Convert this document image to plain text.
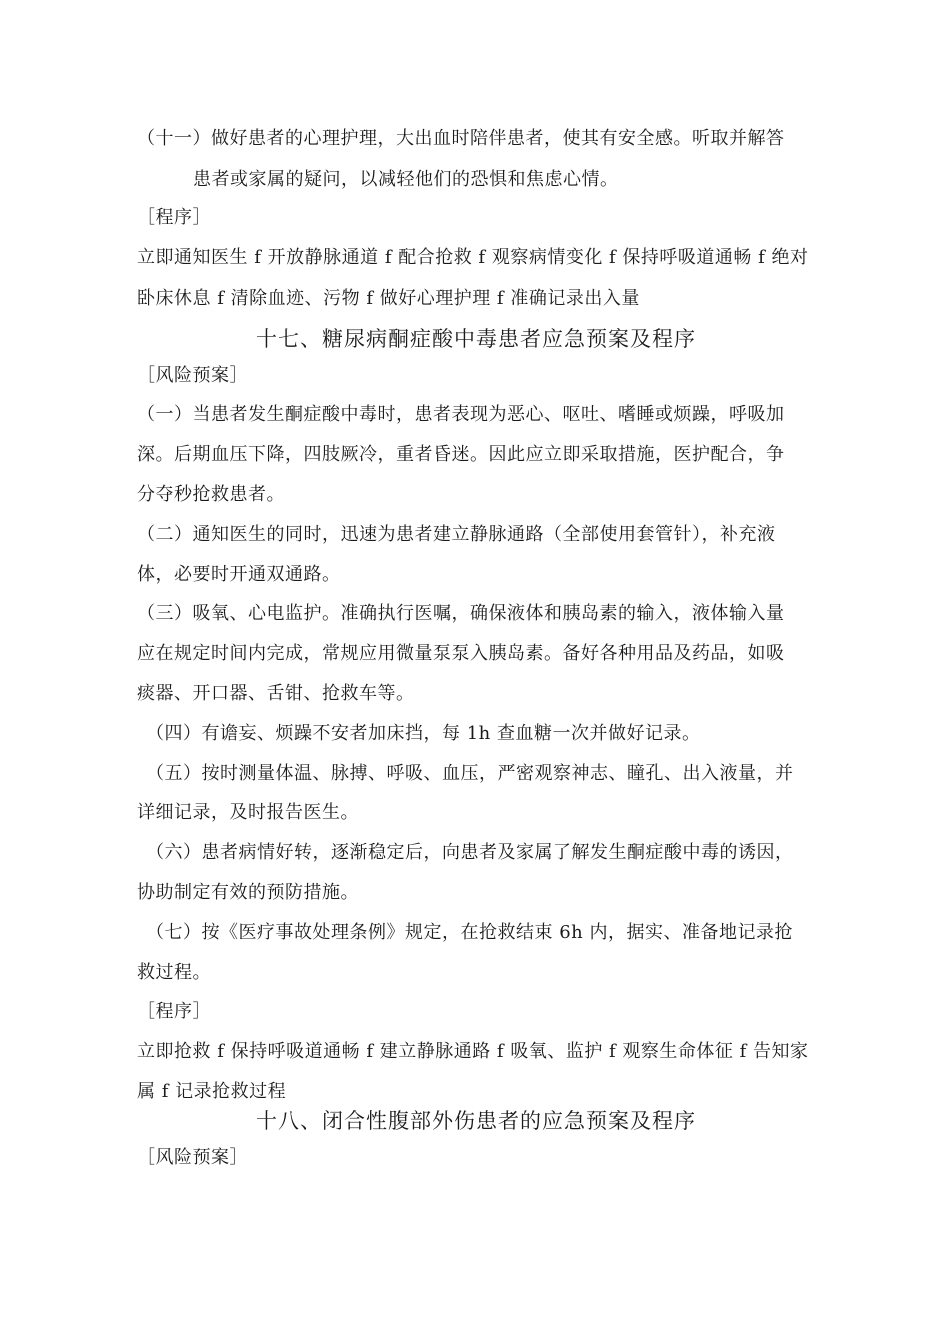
（十一）做好患者的心理护理，大出血时陪伴患者，使其有安全感。听取并解答
患者或家属的疑问，以减轻他们的恐惧和焦虑心情。
［程序］
立即通知医生 f 开放静脉通道 f 配合抢救 f 观察病情变化 f 保持呼吸道通畅 f 绝对
卧床休息 f 清除血迹、污物 f 做好心理护理 f 准确记录出入量
十七、糖尿病酮症酸中毒患者应急预案及程序
［风险预案］
（一）当患者发生酮症酸中毒时，患者表现为恶心、呕吐、嗜睡或烦躁，呼吸加
深。后期血压下降，四肢厥冷，重者昏迷。因此应立即采取措施，医护配合，争
分夺秒抢救患者。
（二）通知医生的同时，迅速为患者建立静脉通路（全部使用套管针），补充液
体，必要时开通双通路。
（三）吸氧、心电监护。准确执行医嘱，确保液体和胰岛素的输入，液体输入量
应在规定时间内完成，常规应用微量泵泵入胰岛素。备好各种用品及药品，如吸
痰器、开口器、舌钳、抢救车等。
（四）有谵妄、烦躁不安者加床挡，每 1h 查血糖一次并做好记录。
（五）按时测量体温、脉搏、呼吸、血压，严密观察神志、瞳孔、出入液量，并
详细记录，及时报告医生。
（六）患者病情好转，逐渐稳定后，向患者及家属了解发生酮症酸中毒的诱因，
协助制定有效的预防措施。
（七）按《医疗事故处理条例》规定，在抢救结束 6h 内，据实、准备地记录抢
救过程。
［程序］
立即抢救 f 保持呼吸道通畅 f 建立静脉通路 f 吸氧、监护 f 观察生命体征 f 告知家
属 f 记录抢救过程
十八、闭合性腹部外伤患者的应急预案及程序
［风险预案］
